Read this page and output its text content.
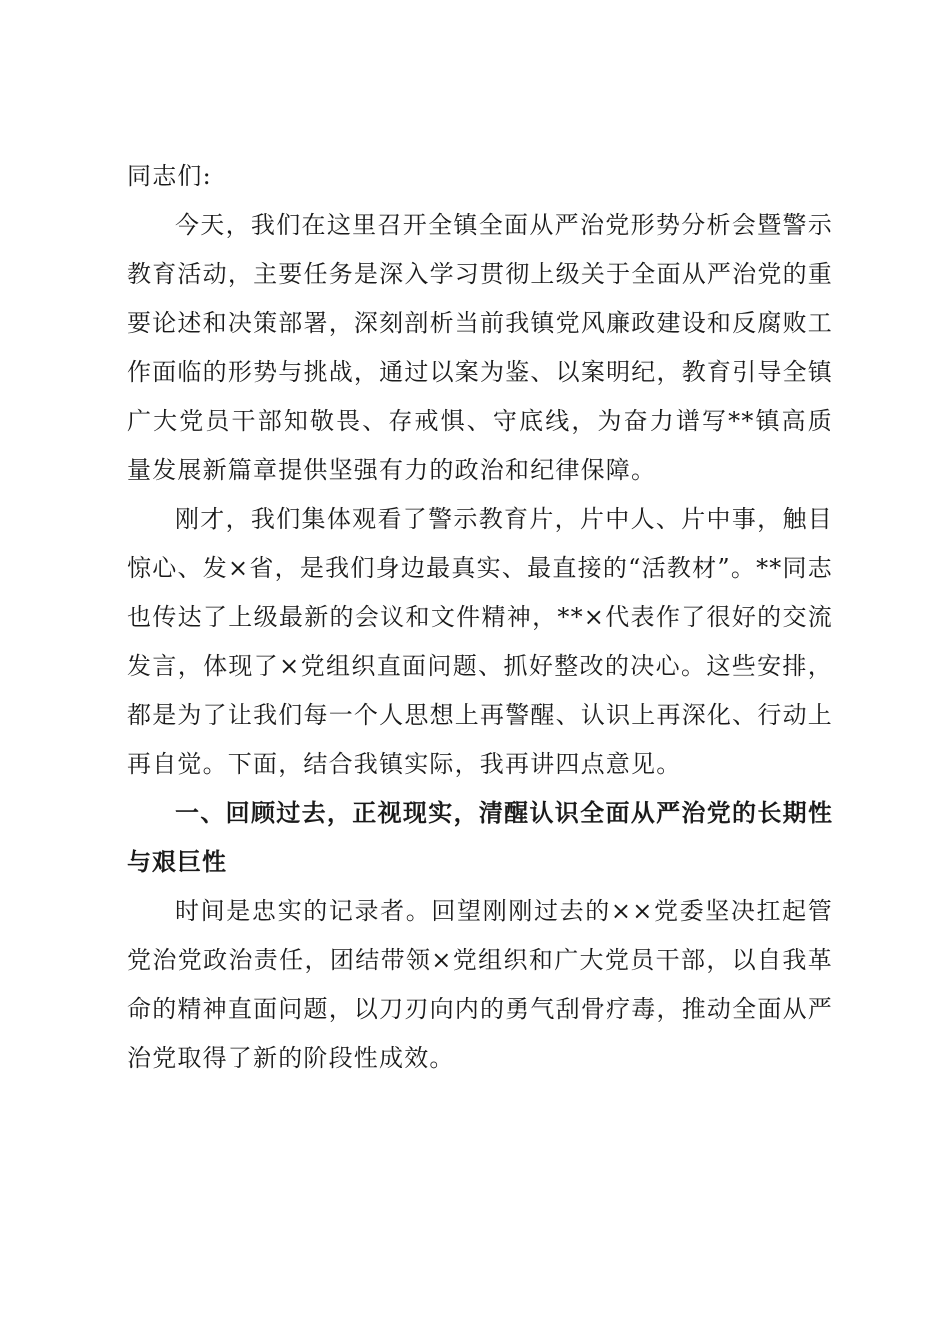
同志们:

今天，我们在这里召开全镇全面从严治党形势分析会暨警示教育活动，主要任务是深入学习贯彻上级关于全面从严治党的重要论述和决策部署，深刻剖析当前我镇党风廉政建设和反腐败工作面临的形势与挑战，通过以案为鉴、以案明纪，教育引导全镇广大党员干部知敬畏、存戒惧、守底线，为奋力谱写**镇高质量发展新篇章提供坚强有力的政治和纪律保障。

刚才，我们集体观看了警示教育片，片中人、片中事，触目惊心、发×省，是我们身边最真实、最直接的“活教材”。**同志也传达了上级最新的会议和文件精神，**×代表作了很好的交流发言，体现了×党组织直面问题、抓好整改的决心。这些安排，都是为了让我们每一个人思想上再警醒、认识上再深化、行动上再自觉。下面，结合我镇实际，我再讲四点意见。

一、回顾过去，正视现实，清醒认识全面从严治党的长期性与艰巨性

时间是忠实的记录者。回望刚刚过去的××党委坚决扛起管党治党政治责任，团结带领×党组织和广大党员干部，以自我革命的精神直面问题，以刀刃向内的勇气刮骨疗毒，推动全面从严治党取得了新的阶段性成效。
